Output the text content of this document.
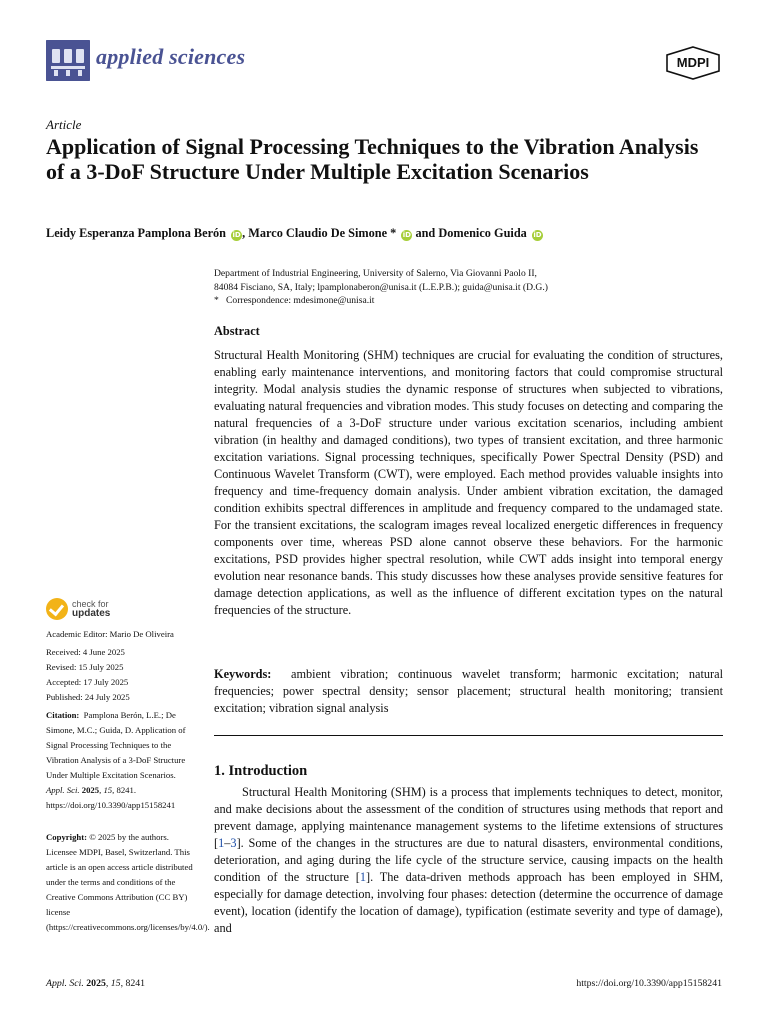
applied sciences	MDPI
Article
Application of Signal Processing Techniques to the Vibration Analysis of a 3-DoF Structure Under Multiple Excitation Scenarios
Leidy Esperanza Pamplona Berón iD, Marco Claudio De Simone * iD and Domenico Guida iD
Department of Industrial Engineering, University of Salerno, Via Giovanni Paolo II,
84084 Fisciano, SA, Italy; lpamplonaberon@unisa.it (L.E.P.B.); guida@unisa.it (D.G.)
*   Correspondence: mdesimone@unisa.it
Abstract
Structural Health Monitoring (SHM) techniques are crucial for evaluating the condition of structures, enabling early maintenance interventions, and monitoring factors that could compromise structural integrity. Modal analysis studies the dynamic response of structures when subjected to vibrations, evaluating natural frequencies and vibration modes. This study focuses on detecting and comparing the natural frequencies of a 3-DoF structure under various excitation scenarios, including ambient vibration (in healthy and damaged conditions), two types of transient excitation, and three harmonic excitation variations. Signal processing techniques, specifically Power Spectral Density (PSD) and Continuous Wavelet Transform (CWT), were employed. Each method provides valuable insights into frequency and time-frequency domain analysis. Under ambient vibration excitation, the damaged condition exhibits spectral differences in amplitude and frequency compared to the undamaged state. For the transient excitations, the scalogram images reveal localized energetic differences in frequency components over time, whereas PSD alone cannot observe these behaviors. For the harmonic excitations, PSD provides higher spectral resolution, while CWT adds insight into temporal energy evolution near resonance bands. This study discusses how these analyses provide sensitive features for damage detection applications, as well as the influence of different excitation types on the natural frequencies of the structure.
Keywords: ambient vibration; continuous wavelet transform; harmonic excitation; natural frequencies; power spectral density; sensor placement; structural health monitoring; transient excitation; vibration signal analysis
1. Introduction
Structural Health Monitoring (SHM) is a process that implements techniques to detect, monitor, and make decisions about the assessment of the condition of structures using methods that report and prevent damage, applying maintenance management systems to the lifetime extensions of structures [1–3]. Some of the changes in the structures are due to natural disasters, environmental conditions, deterioration, and aging during the life cycle of the structure service, causing impacts on the health condition of the structure [1]. The data-driven methods approach has been employed in SHM, especially for damage detection, involving four phases: detection (determine the occurrence of damage event), location (identify the location of damage), typification (estimate severity and type of damage), and
check for
updates
Academic Editor: Mario De Oliveira
Received: 4 June 2025
Revised: 15 July 2025
Accepted: 17 July 2025
Published: 24 July 2025
Citation: Pamplona Berón, L.E.; De Simone, M.C.; Guida, D. Application of Signal Processing Techniques to the Vibration Analysis of a 3-DoF Structure Under Multiple Excitation Scenarios. Appl. Sci. 2025, 15, 8241. https://doi.org/10.3390/app15158241
Copyright: © 2025 by the authors. Licensee MDPI, Basel, Switzerland. This article is an open access article distributed under the terms and conditions of the Creative Commons Attribution (CC BY) license (https://creativecommons.org/licenses/by/4.0/).
Appl. Sci. 2025, 15, 8241	https://doi.org/10.3390/app15158241
